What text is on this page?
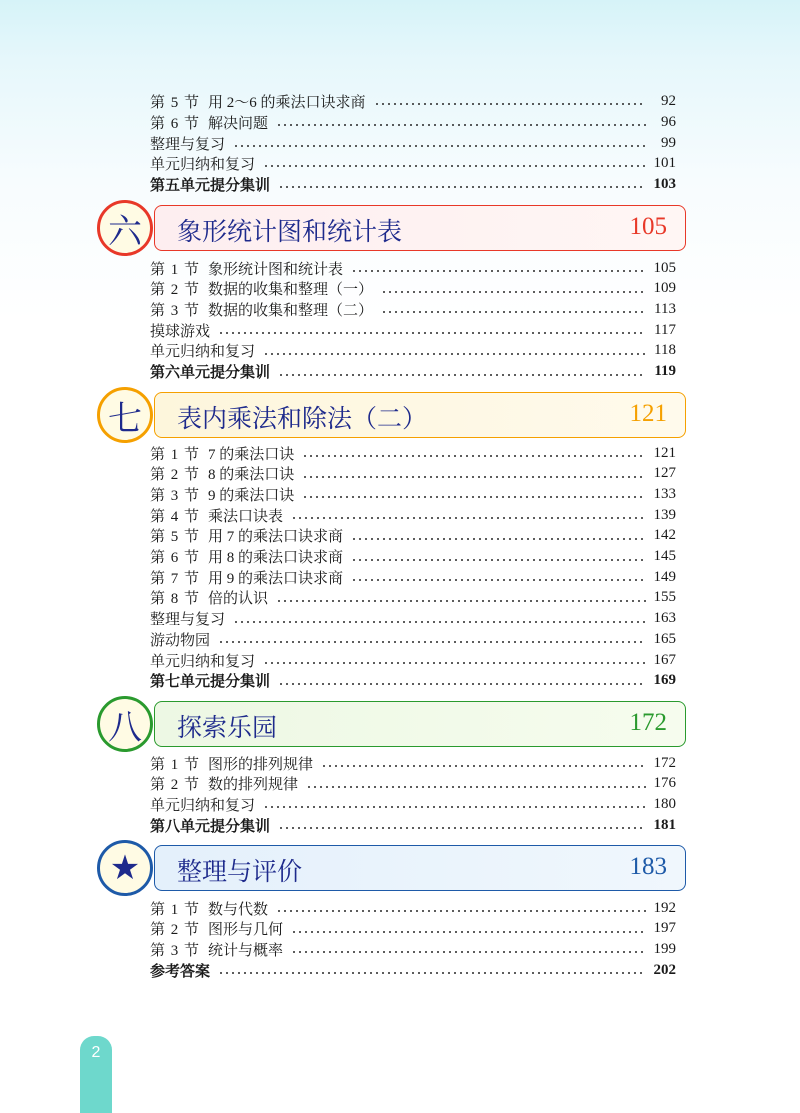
第 5 节 用 2～6 的乘法口诀求商	92
第 6 节 解决问题	96
整理与复习	99
单元归纳和复习	101
第五单元提分集训	103
象形统计图和统计表	105
六
第 1 节 象形统计图和统计表	105
第 2 节 数据的收集和整理（一）	109
第 3 节 数据的收集和整理（二）	113
摸球游戏	117
单元归纳和复习	118
第六单元提分集训	119
表内乘法和除法（二）	121
七
第 1 节 7 的乘法口诀	121
第 2 节 8 的乘法口诀	127
第 3 节 9 的乘法口诀	133
第 4 节 乘法口诀表	139
第 5 节 用 7 的乘法口诀求商	142
第 6 节 用 8 的乘法口诀求商	145
第 7 节 用 9 的乘法口诀求商	149
第 8 节 倍的认识	155
整理与复习	163
游动物园	165
单元归纳和复习	167
第七单元提分集训	169
探索乐园	172
八
第 1 节 图形的排列规律	172
第 2 节 数的排列规律	176
单元归纳和复习	180
第八单元提分集训	181
整理与评价	183
★
第 1 节 数与代数	192
第 2 节 图形与几何	197
第 3 节 统计与概率	199
参考答案	202
2
